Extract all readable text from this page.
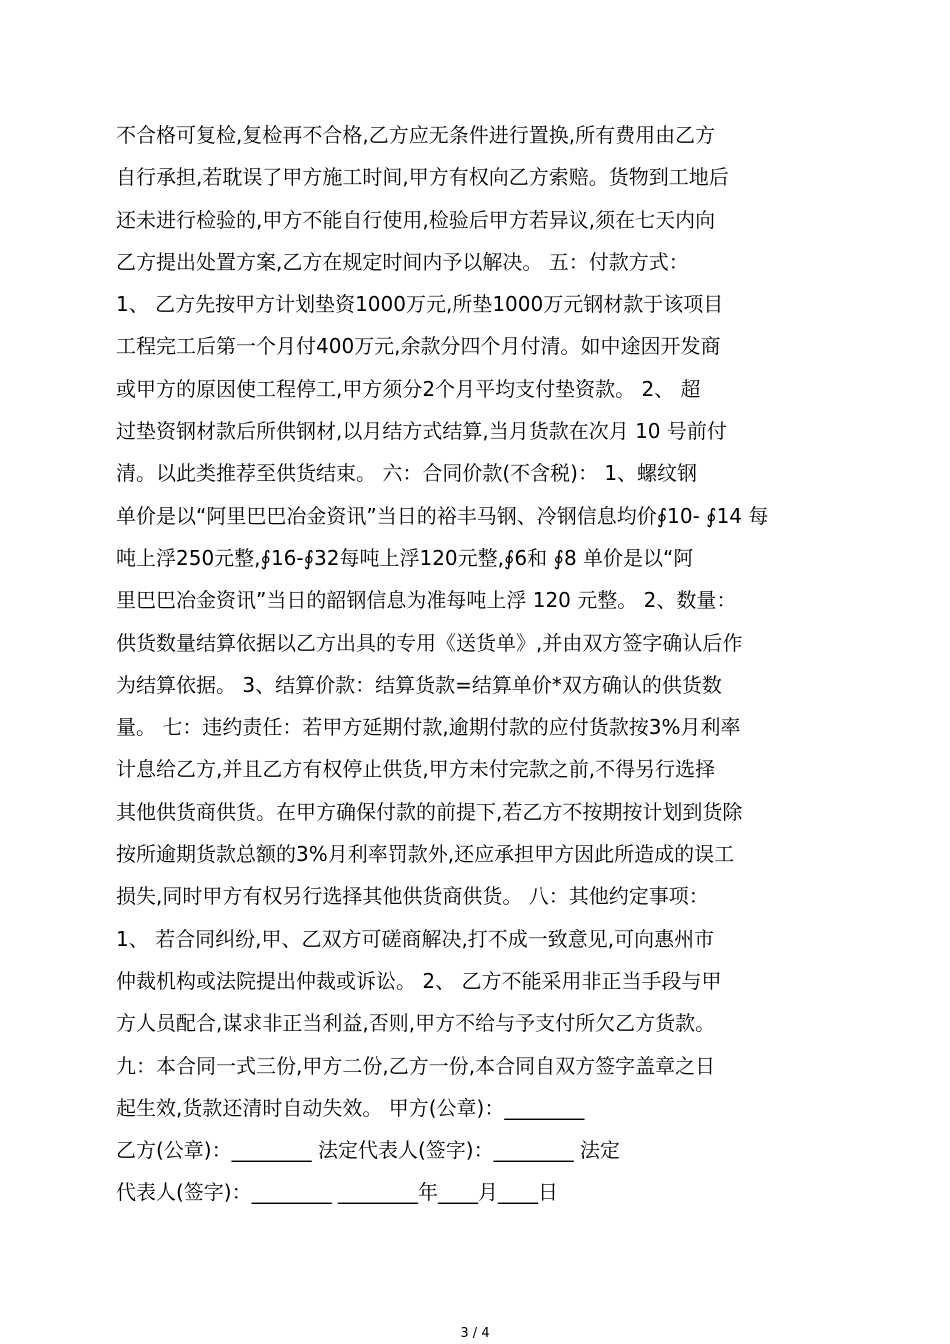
不合格可复检,复检再不合格,乙方应无条件进行置换,所有费用由乙方
自行承担,若耽误了甲方施工时间,甲方有权向乙方索赔。货物到工地后
还未进行检验的,甲方不能自行使用,检验后甲方若异议,须在七天内向
乙方提出处置方案,乙方在规定时间内予以解决。 五：付款方式：
1、 乙方先按甲方计划垫资1000万元,所垫1000万元钢材款于该项目
工程完工后第一个月付400万元,余款分四个月付清。如中途因开发商
或甲方的原因使工程停工,甲方须分2个月平均支付垫资款。 2、 超
过垫资钢材款后所供钢材,以月结方式结算,当月货款在次月 10 号前付
清。以此类推荐至供货结束。 六：合同价款(不含税)： 1、螺纹钢
单价是以“阿里巴巴冶金资讯”当日的裕丰马钢、冷钢信息均价∮10- ∮14 每
吨上浮250元整,∮16-∮32每吨上浮120元整,∮6和 ∮8 单价是以“阿
里巴巴冶金资讯”当日的韶钢信息为准每吨上浮 120 元整。 2、数量：
供货数量结算依据以乙方出具的专用《送货单》,并由双方签字确认后作
为结算依据。 3、结算价款：结算货款=结算单价*双方确认的供货数
量。 七：违约责任：若甲方延期付款,逾期付款的应付货款按3%月利率
计息给乙方,并且乙方有权停止供货,甲方未付完款之前,不得另行选择
其他供货商供货。在甲方确保付款的前提下,若乙方不按期按计划到货除
按所逾期货款总额的3%月利率罚款外,还应承担甲方因此所造成的误工
损失,同时甲方有权另行选择其他供货商供货。 八：其他约定事项：
1、 若合同纠纷,甲、乙双方可磋商解决,打不成一致意见,可向惠州市
仲裁机构或法院提出仲裁或诉讼。 2、 乙方不能采用非正当手段与甲
方人员配合,谋求非正当利益,否则,甲方不给与予支付所欠乙方货款。
九：本合同一式三份,甲方二份,乙方一份,本合同自双方签字盖章之日
起生效,货款还清时自动失效。 甲方(公章)：________
乙方(公章)：________ 法定代表人(签字)：________ 法定
代表人(签字)：________ ________年____月____日
3 / 4
